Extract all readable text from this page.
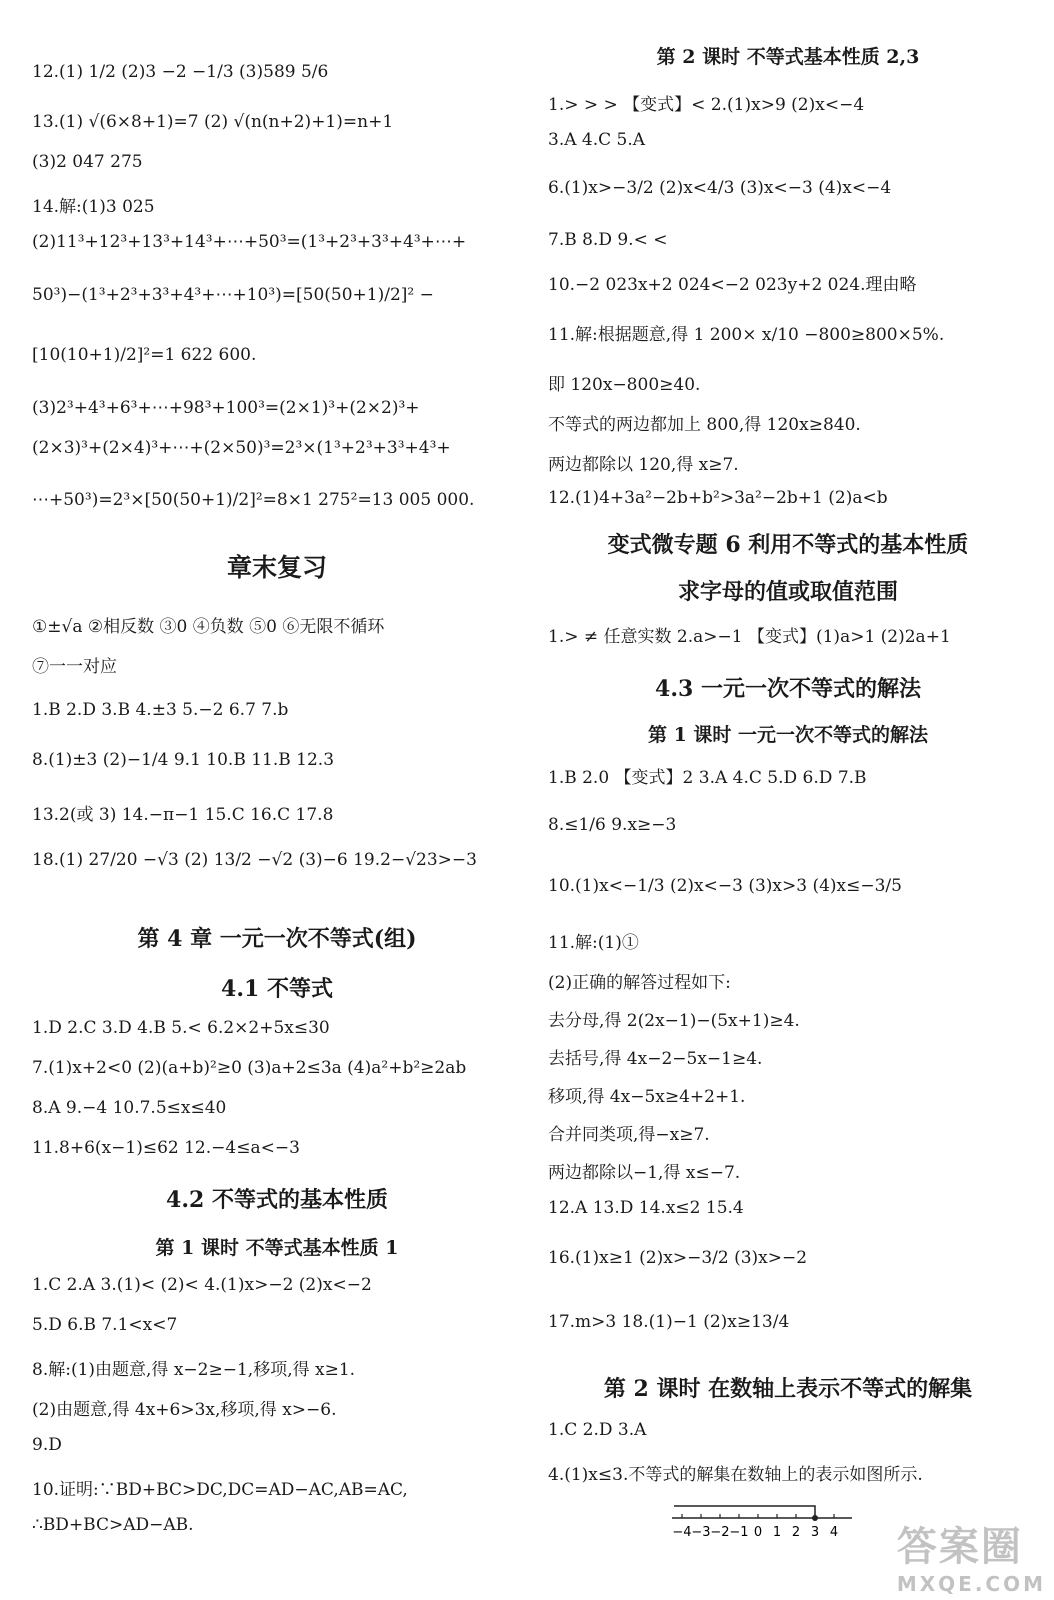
12.(1) 1/2 (2)3 −2 −1/3 (3)589 5/6
13.(1) √(6×8+1)=7 (2) √(n(n+2)+1)=n+1
(3)2 047 275
14.解:(1)3 025
(2)11³+12³+13³+14³+⋯+50³=(1³+2³+3³+4³+⋯+
50³)−(1³+2³+3³+4³+⋯+10³)=[50(50+1)/2]² −
[10(10+1)/2]²=1 622 600.
(3)2³+4³+6³+⋯+98³+100³=(2×1)³+(2×2)³+
(2×3)³+(2×4)³+⋯+(2×50)³=2³×(1³+2³+3³+4³+
⋯+50³)=2³×[50(50+1)/2]²=8×1 275²=13 005 000.
章末复习
①±√a ②相反数 ③0 ④负数 ⑤0 ⑥无限不循环
⑦一一对应
1.B 2.D 3.B 4.±3 5.−2 6.7 7.b
8.(1)±3 (2)−1/4 9.1 10.B 11.B 12.3
13.2(或 3) 14.−π−1 15.C 16.C 17.8
18.(1) 27/20 −√3 (2) 13/2 −√2 (3)−6 19.2−√23>−3
第 4 章 一元一次不等式(组)
4.1 不等式
1.D 2.C 3.D 4.B 5.< 6.2×2+5x≤30
7.(1)x+2<0 (2)(a+b)²≥0 (3)a+2≤3a (4)a²+b²≥2ab
8.A 9.−4 10.7.5≤x≤40
11.8+6(x−1)≤62 12.−4≤a<−3
4.2 不等式的基本性质
第 1 课时 不等式基本性质 1
1.C 2.A 3.(1)< (2)< 4.(1)x>−2 (2)x<−2
5.D 6.B 7.1<x<7
8.解:(1)由题意,得 x−2≥−1,移项,得 x≥1.
(2)由题意,得 4x+6>3x,移项,得 x>−6.
9.D
10.证明:∵BD+BC>DC,DC=AD−AC,AB=AC,
∴BD+BC>AD−AB.
第 2 课时 不等式基本性质 2,3
1.> > > 【变式】< 2.(1)x>9 (2)x<−4
3.A 4.C 5.A
6.(1)x>−3/2 (2)x<4/3 (3)x<−3 (4)x<−4
7.B 8.D 9.< <
10.−2 023x+2 024<−2 023y+2 024.理由略
11.解:根据题意,得 1 200× x/10 −800≥800×5%.
即 120x−800≥40.
不等式的两边都加上 800,得 120x≥840.
两边都除以 120,得 x≥7.
12.(1)4+3a²−2b+b²>3a²−2b+1 (2)a<b
变式微专题 6 利用不等式的基本性质
求字母的值或取值范围
1.> ≠ 任意实数 2.a>−1 【变式】(1)a>1 (2)2a+1
4.3 一元一次不等式的解法
第 1 课时 一元一次不等式的解法
1.B 2.0 【变式】2 3.A 4.C 5.D 6.D 7.B
8.≤1/6 9.x≥−3
10.(1)x<−1/3 (2)x<−3 (3)x>3 (4)x≤−3/5
11.解:(1)①
(2)正确的解答过程如下:
去分母,得 2(2x−1)−(5x+1)≥4.
去括号,得 4x−2−5x−1≥4.
移项,得 4x−5x≥4+2+1.
合并同类项,得−x≥7.
两边都除以−1,得 x≤−7.
12.A 13.D 14.x≤2 15.4
16.(1)x≥1 (2)x>−3/2 (3)x>−2
17.m>3 18.(1)−1 (2)x≥13/4
第 2 课时 在数轴上表示不等式的解集
1.C 2.D 3.A
4.(1)x≤3.不等式的解集在数轴上的表示如图所示.
−4 −3 −2 −1 0 1 2 3 4 答案圈
MXQE.COM
